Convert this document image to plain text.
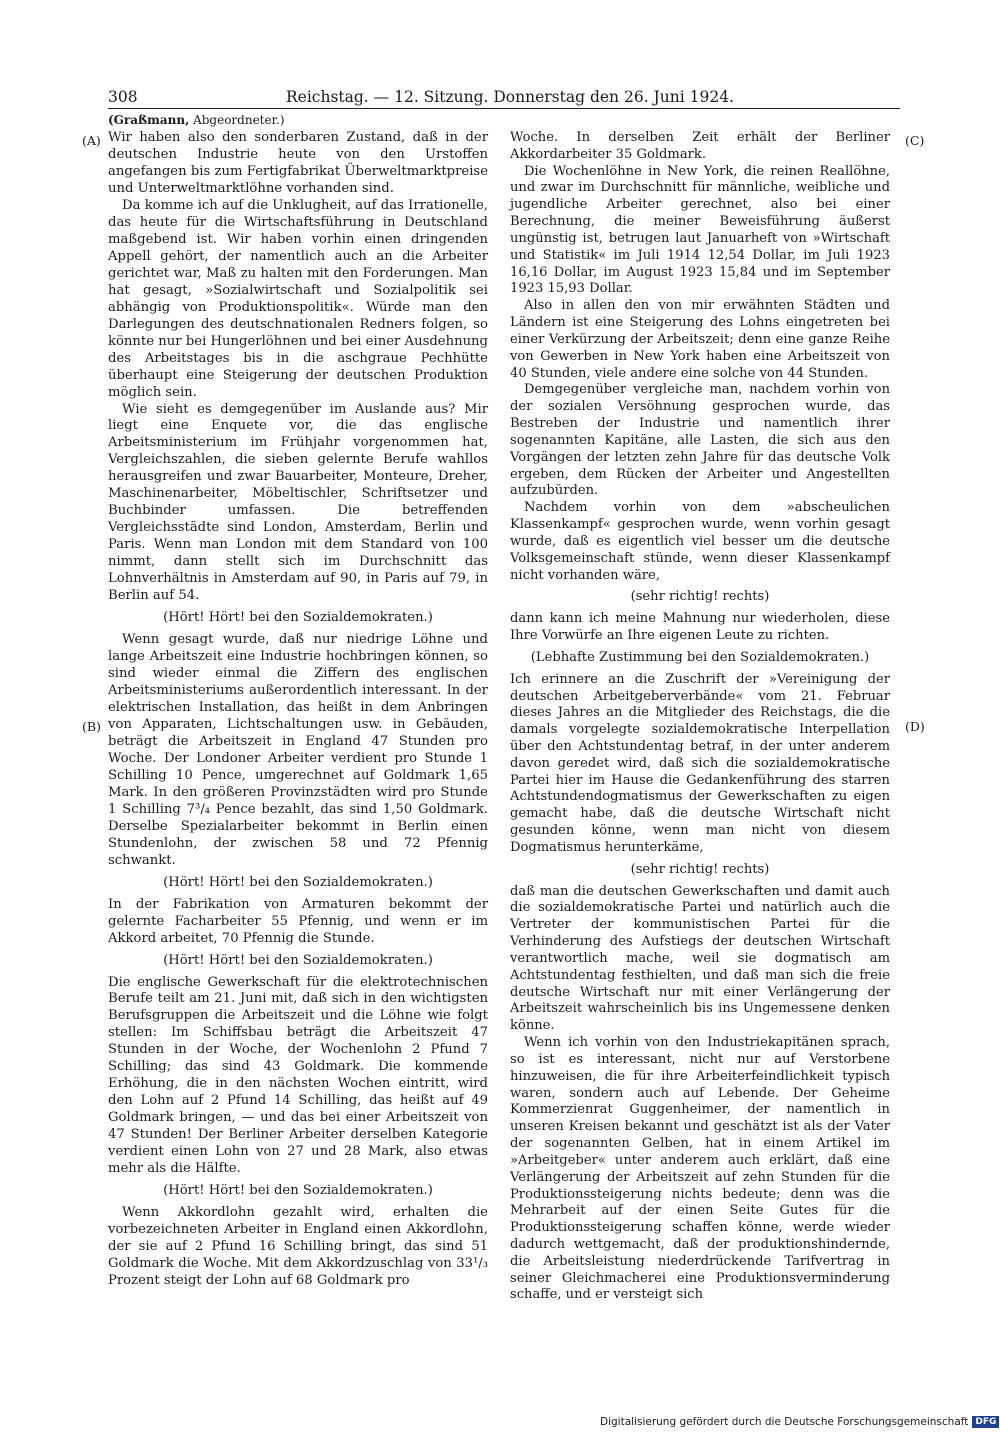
308	Reichstag. — 12. Sitzung. Donnerstag den 26. Juni 1924.
(Graßmann, Abgeordneter.)

Wir haben also den sonderbaren Zustand, daß in der deutschen Industrie heute von den Urstoffen angefangen bis zum Fertigfabrikat Überweltmarktpreise und Unterweltmarktlöhne vorhanden sind.

Da komme ich auf die Unklugheit, auf das Irrationelle, das heute für die Wirtschaftsführung in Deutschland maßgebend ist. Wir haben vorhin einen dringenden Appell gehört, der namentlich auch an die Arbeiter gerichtet war, Maß zu halten mit den Forderungen. Man hat gesagt, »Sozialwirtschaft und Sozialpolitik sei abhängig von Produktionspolitik«. Würde man den Darlegungen des deutschnationalen Redners folgen, so könnte nur bei Hungerlöhnen und bei einer Ausdehnung des Arbeitstages bis in die aschgraue Pechhütte überhaupt eine Steigerung der deutschen Produktion möglich sein.

Wie sieht es demgegenüber im Auslande aus? Mir liegt eine Enquete vor, die das englische Arbeitsministerium im Frühjahr vorgenommen hat, Vergleichszahlen, die sieben gelernte Berufe wahllos herausgreifen und zwar Bauarbeiter, Monteure, Dreher, Maschinenarbeiter, Möbeltischler, Schriftsetzer und Buchbinder umfassen. Die betreffenden Vergleichsstädte sind London, Amsterdam, Berlin und Paris. Wenn man London mit dem Standard von 100 nimmt, dann stellt sich im Durchschnitt das Lohnverhältnis in Amsterdam auf 90, in Paris auf 79, in Berlin auf 54.

(Hört! Hört! bei den Sozialdemokraten.)

Wenn gesagt wurde, daß nur niedrige Löhne und lange Arbeitszeit eine Industrie hochbringen können, so sind wieder einmal die Ziffern des englischen Arbeitsministeriums außerordentlich interessant. In der elektrischen Installation, das heißt in dem Anbringen von Apparaten, Lichtschaltungen usw. in Gebäuden, beträgt die Arbeitszeit in England 47 Stunden pro Woche. Der Londoner Arbeiter verdient pro Stunde 1 Schilling 10 Pence, umgerechnet auf Goldmark 1,65 Mark. In den größeren Provinzstädten wird pro Stunde 1 Schilling 7³/₄ Pence bezahlt, das sind 1,50 Goldmark. Derselbe Spezialarbeiter bekommt in Berlin einen Stundenlohn, der zwischen 58 und 72 Pfennig schwankt.

(Hört! Hört! bei den Sozialdemokraten.)

In der Fabrikation von Armaturen bekommt der gelernte Facharbeiter 55 Pfennig, und wenn er im Akkord arbeitet, 70 Pfennig die Stunde.

(Hört! Hört! bei den Sozialdemokraten.)

Die englische Gewerkschaft für die elektrotechnischen Berufe teilt am 21. Juni mit, daß sich in den wichtigsten Berufsgruppen die Arbeitszeit und die Löhne wie folgt stellen: Im Schiffsbau beträgt die Arbeitszeit 47 Stunden in der Woche, der Wochenlohn 2 Pfund 7 Schilling; das sind 43 Goldmark. Die kommende Erhöhung, die in den nächsten Wochen eintritt, wird den Lohn auf 2 Pfund 14 Schilling, das heißt auf 49 Goldmark bringen, — und das bei einer Arbeitszeit von 47 Stunden! Der Berliner Arbeiter derselben Kategorie verdient einen Lohn von 27 und 28 Mark, also etwas mehr als die Hälfte.

(Hört! Hört! bei den Sozialdemokraten.)

Wenn Akkordlohn gezahlt wird, erhalten die vorbezeichneten Arbeiter in England einen Akkordlohn, der sie auf 2 Pfund 16 Schilling bringt, das sind 51 Goldmark die Woche. Mit dem Akkordzuschlag von 33¹/₃ Prozent steigt der Lohn auf 68 Goldmark pro

Woche. In derselben Zeit erhält der Berliner Akkordarbeiter 35 Goldmark.

Die Wochenlöhne in New York, die reinen Reallöhne, und zwar im Durchschnitt für männliche, weibliche und jugendliche Arbeiter gerechnet, also bei einer Berechnung, die meiner Beweisführung äußerst ungünstig ist, betrugen laut Januarheft von »Wirtschaft und Statistik« im Juli 1914 12,54 Dollar, im Juli 1923 16,16 Dollar, im August 1923 15,84 und im September 1923 15,93 Dollar.

Also in allen den von mir erwähnten Städten und Ländern ist eine Steigerung des Lohns eingetreten bei einer Verkürzung der Arbeitszeit; denn eine ganze Reihe von Gewerben in New York haben eine Arbeitszeit von 40 Stunden, viele andere eine solche von 44 Stunden.

Demgegenüber vergleiche man, nachdem vorhin von der sozialen Versöhnung gesprochen wurde, das Bestreben der Industrie und namentlich ihrer sogenannten Kapitäne, alle Lasten, die sich aus den Vorgängen der letzten zehn Jahre für das deutsche Volk ergeben, dem Rücken der Arbeiter und Angestellten aufzubürden.

Nachdem vorhin von dem »abscheulichen Klassenkampf« gesprochen wurde, wenn vorhin gesagt wurde, daß es eigentlich viel besser um die deutsche Volksgemeinschaft stünde, wenn dieser Klassenkampf nicht vorhanden wäre,

(sehr richtig! rechts)

dann kann ich meine Mahnung nur wiederholen, diese Ihre Vorwürfe an Ihre eigenen Leute zu richten.

(Lebhafte Zustimmung bei den Sozialdemokraten.)

Ich erinnere an die Zuschrift der »Vereinigung der deutschen Arbeitgeberverbände« vom 21. Februar dieses Jahres an die Mitglieder des Reichstags, die die damals vorgelegte sozialdemokratische Interpellation über den Achtstundentag betraf, in der unter anderem davon geredet wird, daß sich die sozialdemokratische Partei hier im Hause die Gedankenführung des starren Achtstundendogmatismus der Gewerkschaften zu eigen gemacht habe, daß die deutsche Wirtschaft nicht gesunden könne, wenn man nicht von diesem Dogmatismus herunterkäme,

(sehr richtig! rechts)

daß man die deutschen Gewerkschaften und damit auch die sozialdemokratische Partei und natürlich auch die Vertreter der kommunistischen Partei für die Verhinderung des Aufstiegs der deutschen Wirtschaft verantwortlich mache, weil sie dogmatisch am Achtstundentag festhielten, und daß man sich die freie deutsche Wirtschaft nur mit einer Verlängerung der Arbeitszeit wahrscheinlich bis ins Ungemessene denken könne.

Wenn ich vorhin von den Industriekapitänen sprach, so ist es interessant, nicht nur auf Verstorbene hinzuweisen, die für ihre Arbeiterfeindlichkeit typisch waren, sondern auch auf Lebende. Der Geheime Kommerzienrat Guggenheimer, der namentlich in unseren Kreisen bekannt und geschätzt ist als der Vater der sogenannten Gelben, hat in einem Artikel im »Arbeitgeber« unter anderem auch erklärt, daß eine Verlängerung der Arbeitszeit auf zehn Stunden für die Produktionssteigerung nichts bedeute; denn was die Mehrarbeit auf der einen Seite Gutes für die Produktionssteigerung schaffen könne, werde wieder dadurch wettgemacht, daß der produktionshindernde, die Arbeitsleistung niederdrückende Tarifvertrag in seiner Gleichmacherei eine Produktionsverminderung schaffe, und er versteigt sich

(A)
(B)
(C)
(D)
Digitalisierung gefördert durch die Deutsche Forschungsgemeinschaft DFG
